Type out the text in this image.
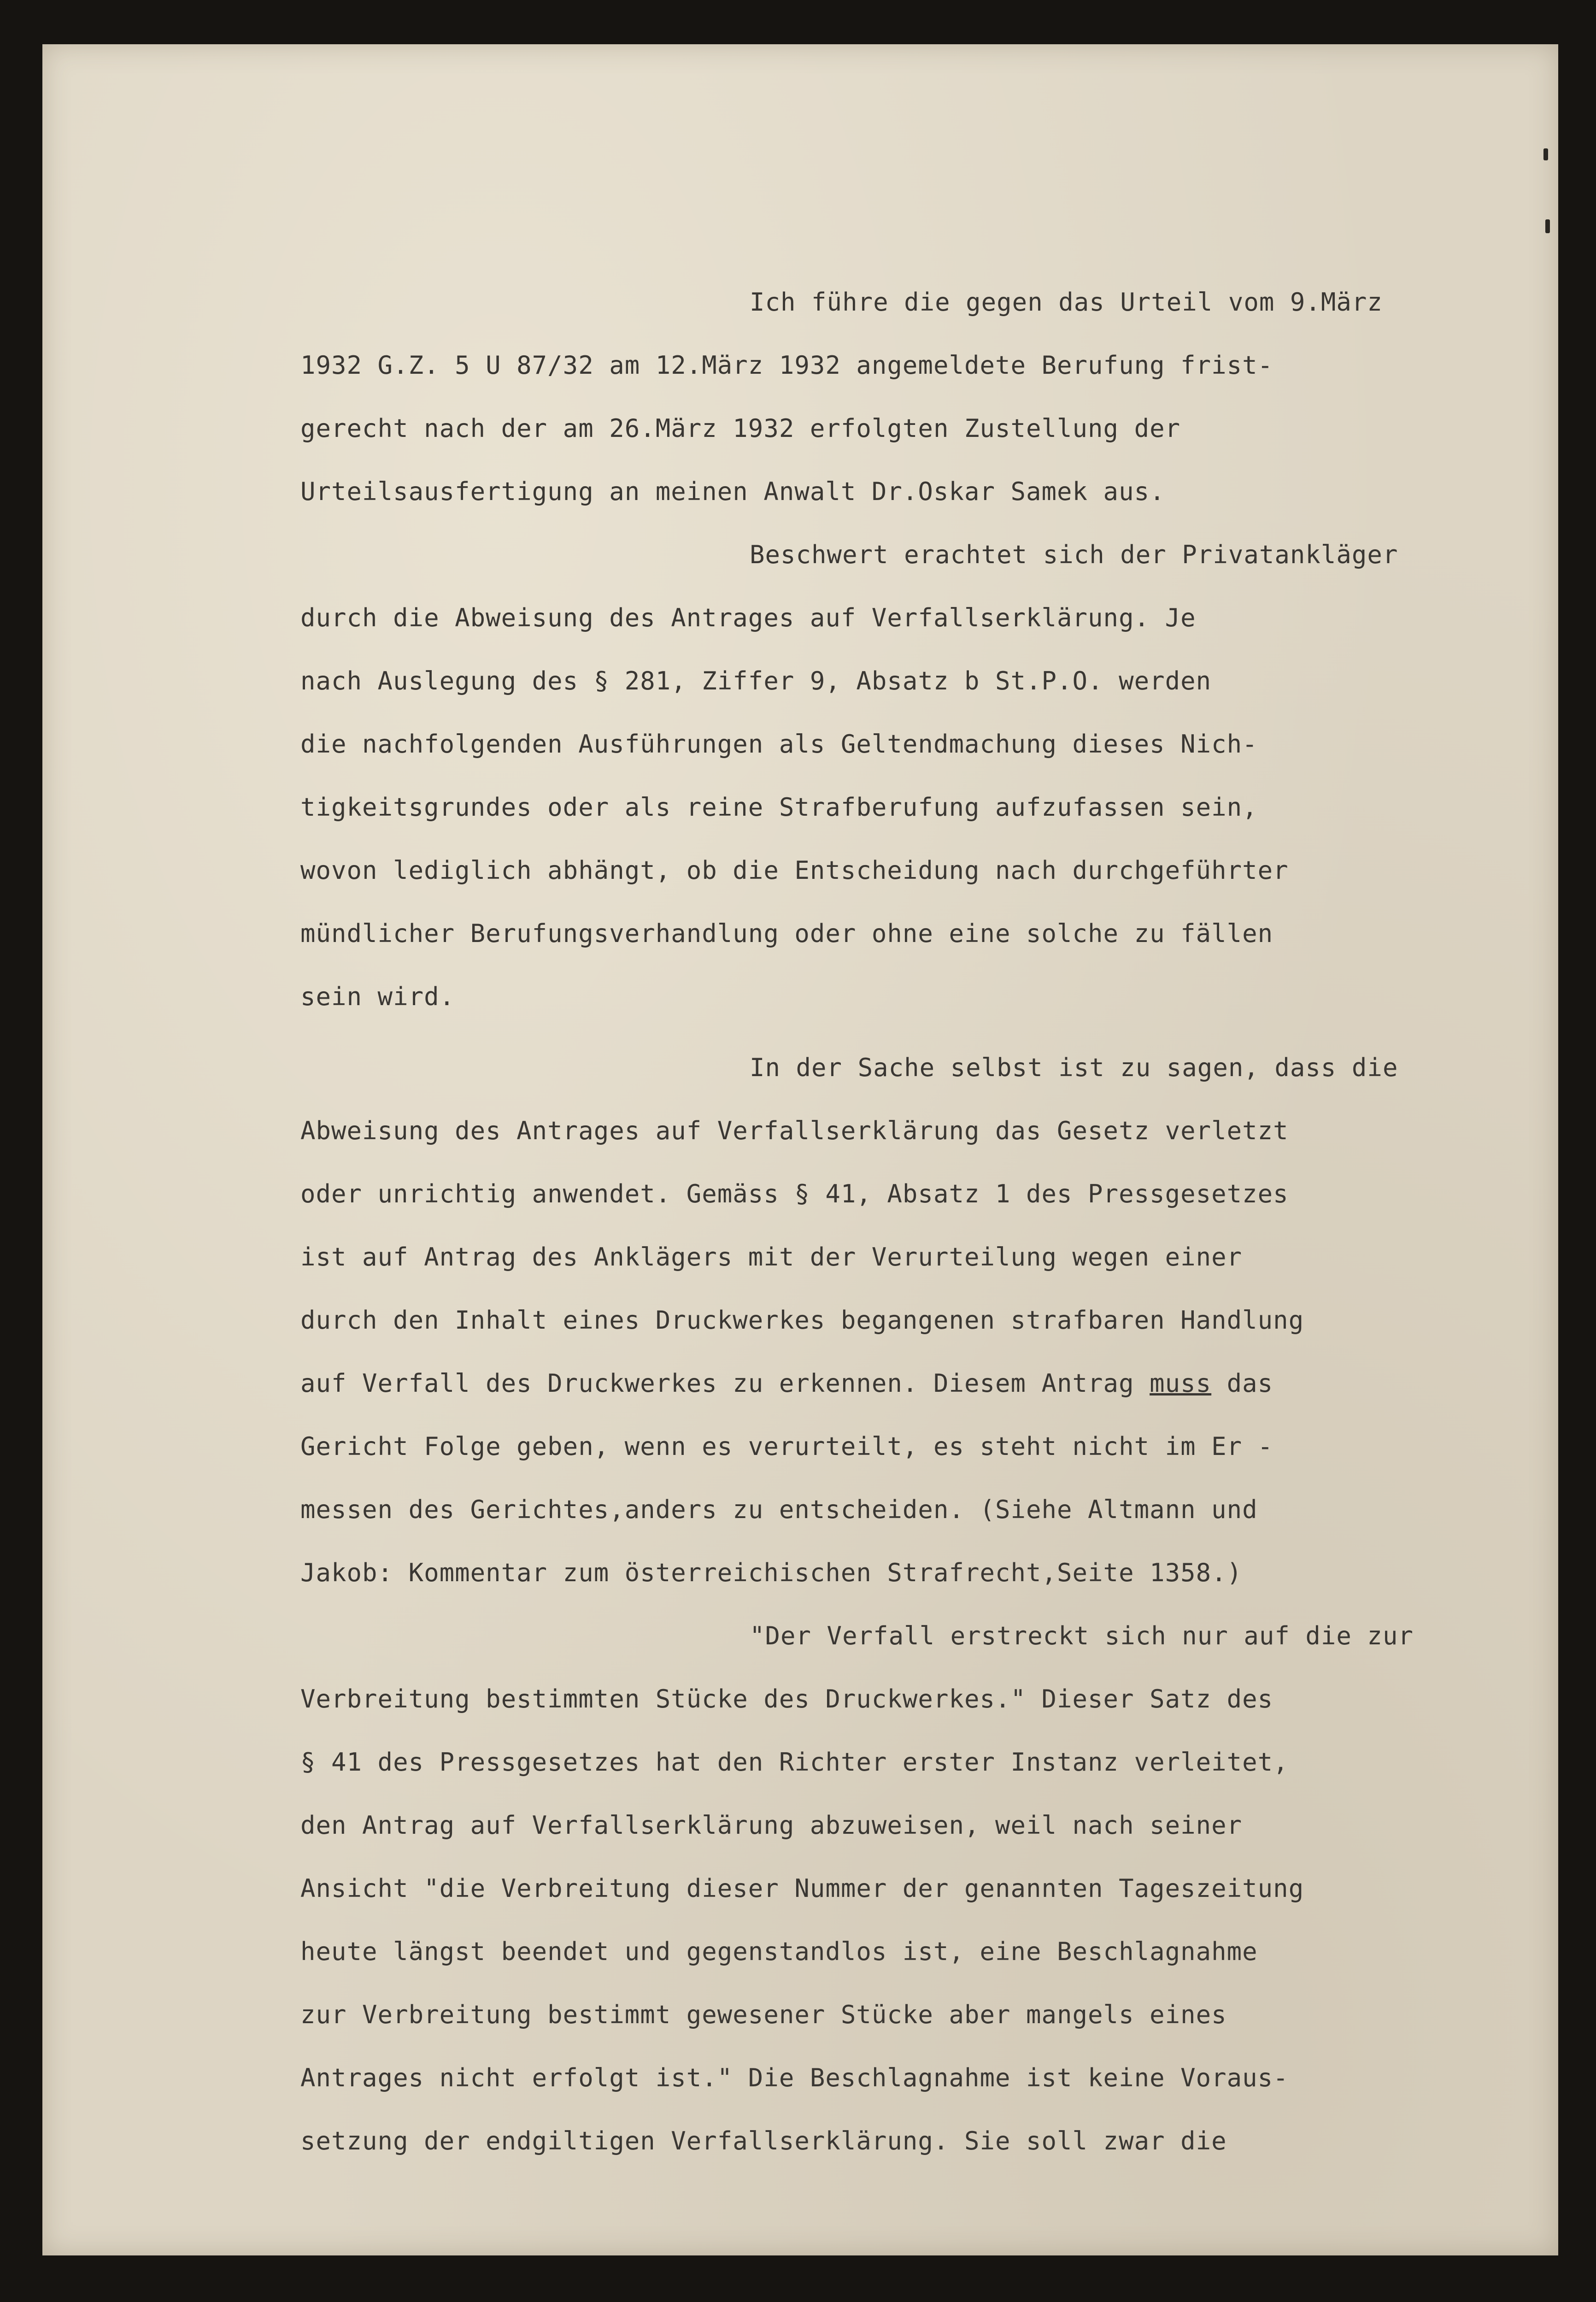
Ich führe die gegen das Urteil vom 9.März
1932 G.Z. 5 U 87/32 am 12.März 1932 angemeldete Berufung frist-
gerecht nach der am 26.März 1932 erfolgten Zustellung der
Urteilsausfertigung an meinen Anwalt Dr.Oskar Samek aus.
Beschwert erachtet sich der Privatankläger
durch die Abweisung des Antrages auf Verfallserklärung. Je
nach Auslegung des § 281, Ziffer 9, Absatz b St.P.O. werden
die nachfolgenden Ausführungen als Geltendmachung dieses Nich-
tigkeitsgrundes oder als reine Strafberufung aufzufassen sein,
wovon lediglich abhängt, ob die Entscheidung nach durchgeführter
mündlicher Berufungsverhandlung oder ohne eine solche zu fällen
sein wird.
In der Sache selbst ist zu sagen, dass die
Abweisung des Antrages auf Verfallserklärung das Gesetz verletzt
oder unrichtig anwendet. Gemäss § 41, Absatz 1 des Pressgesetzes
ist auf Antrag des Anklägers mit der Verurteilung wegen einer
durch den Inhalt eines Druckwerkes begangenen strafbaren Handlung
auf Verfall des Druckwerkes zu erkennen. Diesem Antrag muss das
Gericht Folge geben, wenn es verurteilt, es steht nicht im Er -
messen des Gerichtes,anders zu entscheiden. (Siehe Altmann und
Jakob: Kommentar zum österreichischen Strafrecht,Seite 1358.)
"Der Verfall erstreckt sich nur auf die zur
Verbreitung bestimmten Stücke des Druckwerkes." Dieser Satz des
§ 41 des Pressgesetzes hat den Richter erster Instanz verleitet,
den Antrag auf Verfallserklärung abzuweisen, weil nach seiner
Ansicht "die Verbreitung dieser Nummer der genannten Tageszeitung
heute längst beendet und gegenstandlos ist, eine Beschlagnahme
zur Verbreitung bestimmt gewesener Stücke aber mangels eines
Antrages nicht erfolgt ist." Die Beschlagnahme ist keine Voraus-
setzung der endgiltigen Verfallserklärung. Sie soll zwar die
